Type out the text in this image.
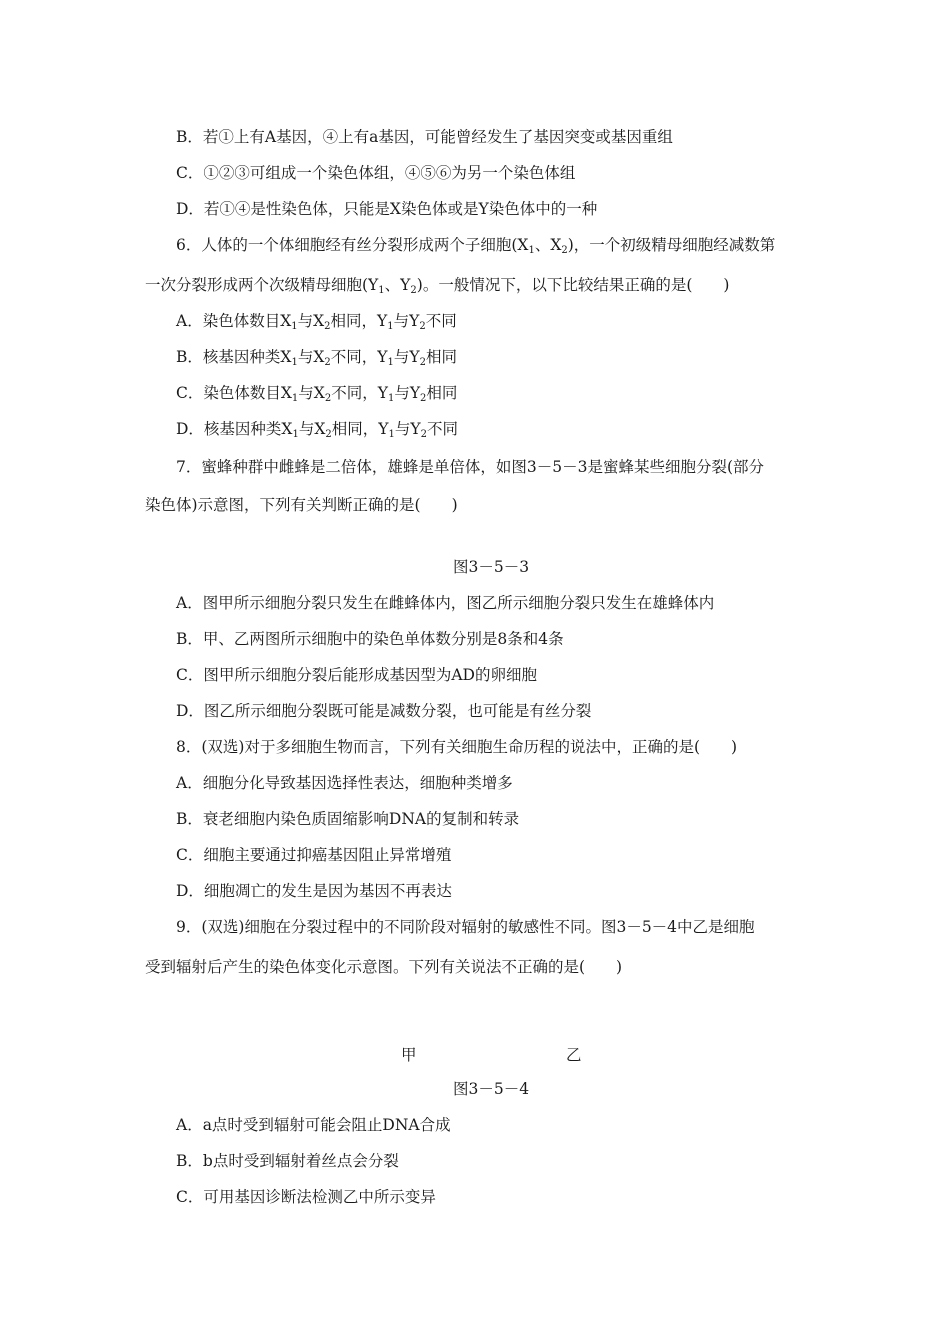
B．若①上有A基因，④上有a基因，可能曾经发生了基因突变或基因重组
C．①②③可组成一个染色体组，④⑤⑥为另一个染色体组
D．若①④是性染色体，只能是X染色体或是Y染色体中的一种
6．人体的一个体细胞经有丝分裂形成两个子细胞($X_1$、$X_2$)，一个初级精母细胞经减数第
一次分裂形成两个次级精母细胞($Y_1$、$Y_2$)。一般情况下，以下比较结果正确的是(　　)
A．染色体数目$X_1$与$X_2$相同，$Y_1$与$Y_2$不同
B．核基因种类$X_1$与$X_2$不同，$Y_1$与$Y_2$相同
C．染色体数目$X_1$与$X_2$不同，$Y_1$与$Y_2$相同
D．核基因种类$X_1$与$X_2$相同，$Y_1$与$Y_2$不同
7．蜜蜂种群中雌蜂是二倍体，雄蜂是单倍体，如图3－5－3是蜜蜂某些细胞分裂(部分
染色体)示意图，下列有关判断正确的是(　　)
图3－5－3
A．图甲所示细胞分裂只发生在雌蜂体内，图乙所示细胞分裂只发生在雄蜂体内
B．甲、乙两图所示细胞中的染色单体数分别是8条和4条
C．图甲所示细胞分裂后能形成基因型为AD的卵细胞
D．图乙所示细胞分裂既可能是减数分裂，也可能是有丝分裂
8．(双选)对于多细胞生物而言，下列有关细胞生命历程的说法中，正确的是(　　)
A．细胞分化导致基因选择性表达，细胞种类增多
B．衰老细胞内染色质固缩影响DNA的复制和转录
C．细胞主要通过抑癌基因阻止异常增殖
D．细胞凋亡的发生是因为基因不再表达
9．(双选)细胞在分裂过程中的不同阶段对辐射的敏感性不同。图3－5－4中乙是细胞
受到辐射后产生的染色体变化示意图。下列有关说法不正确的是(　　)
甲	乙
图3－5－4
A．a点时受到辐射可能会阻止DNA合成
B．b点时受到辐射着丝点会分裂
C．可用基因诊断法检测乙中所示变异
